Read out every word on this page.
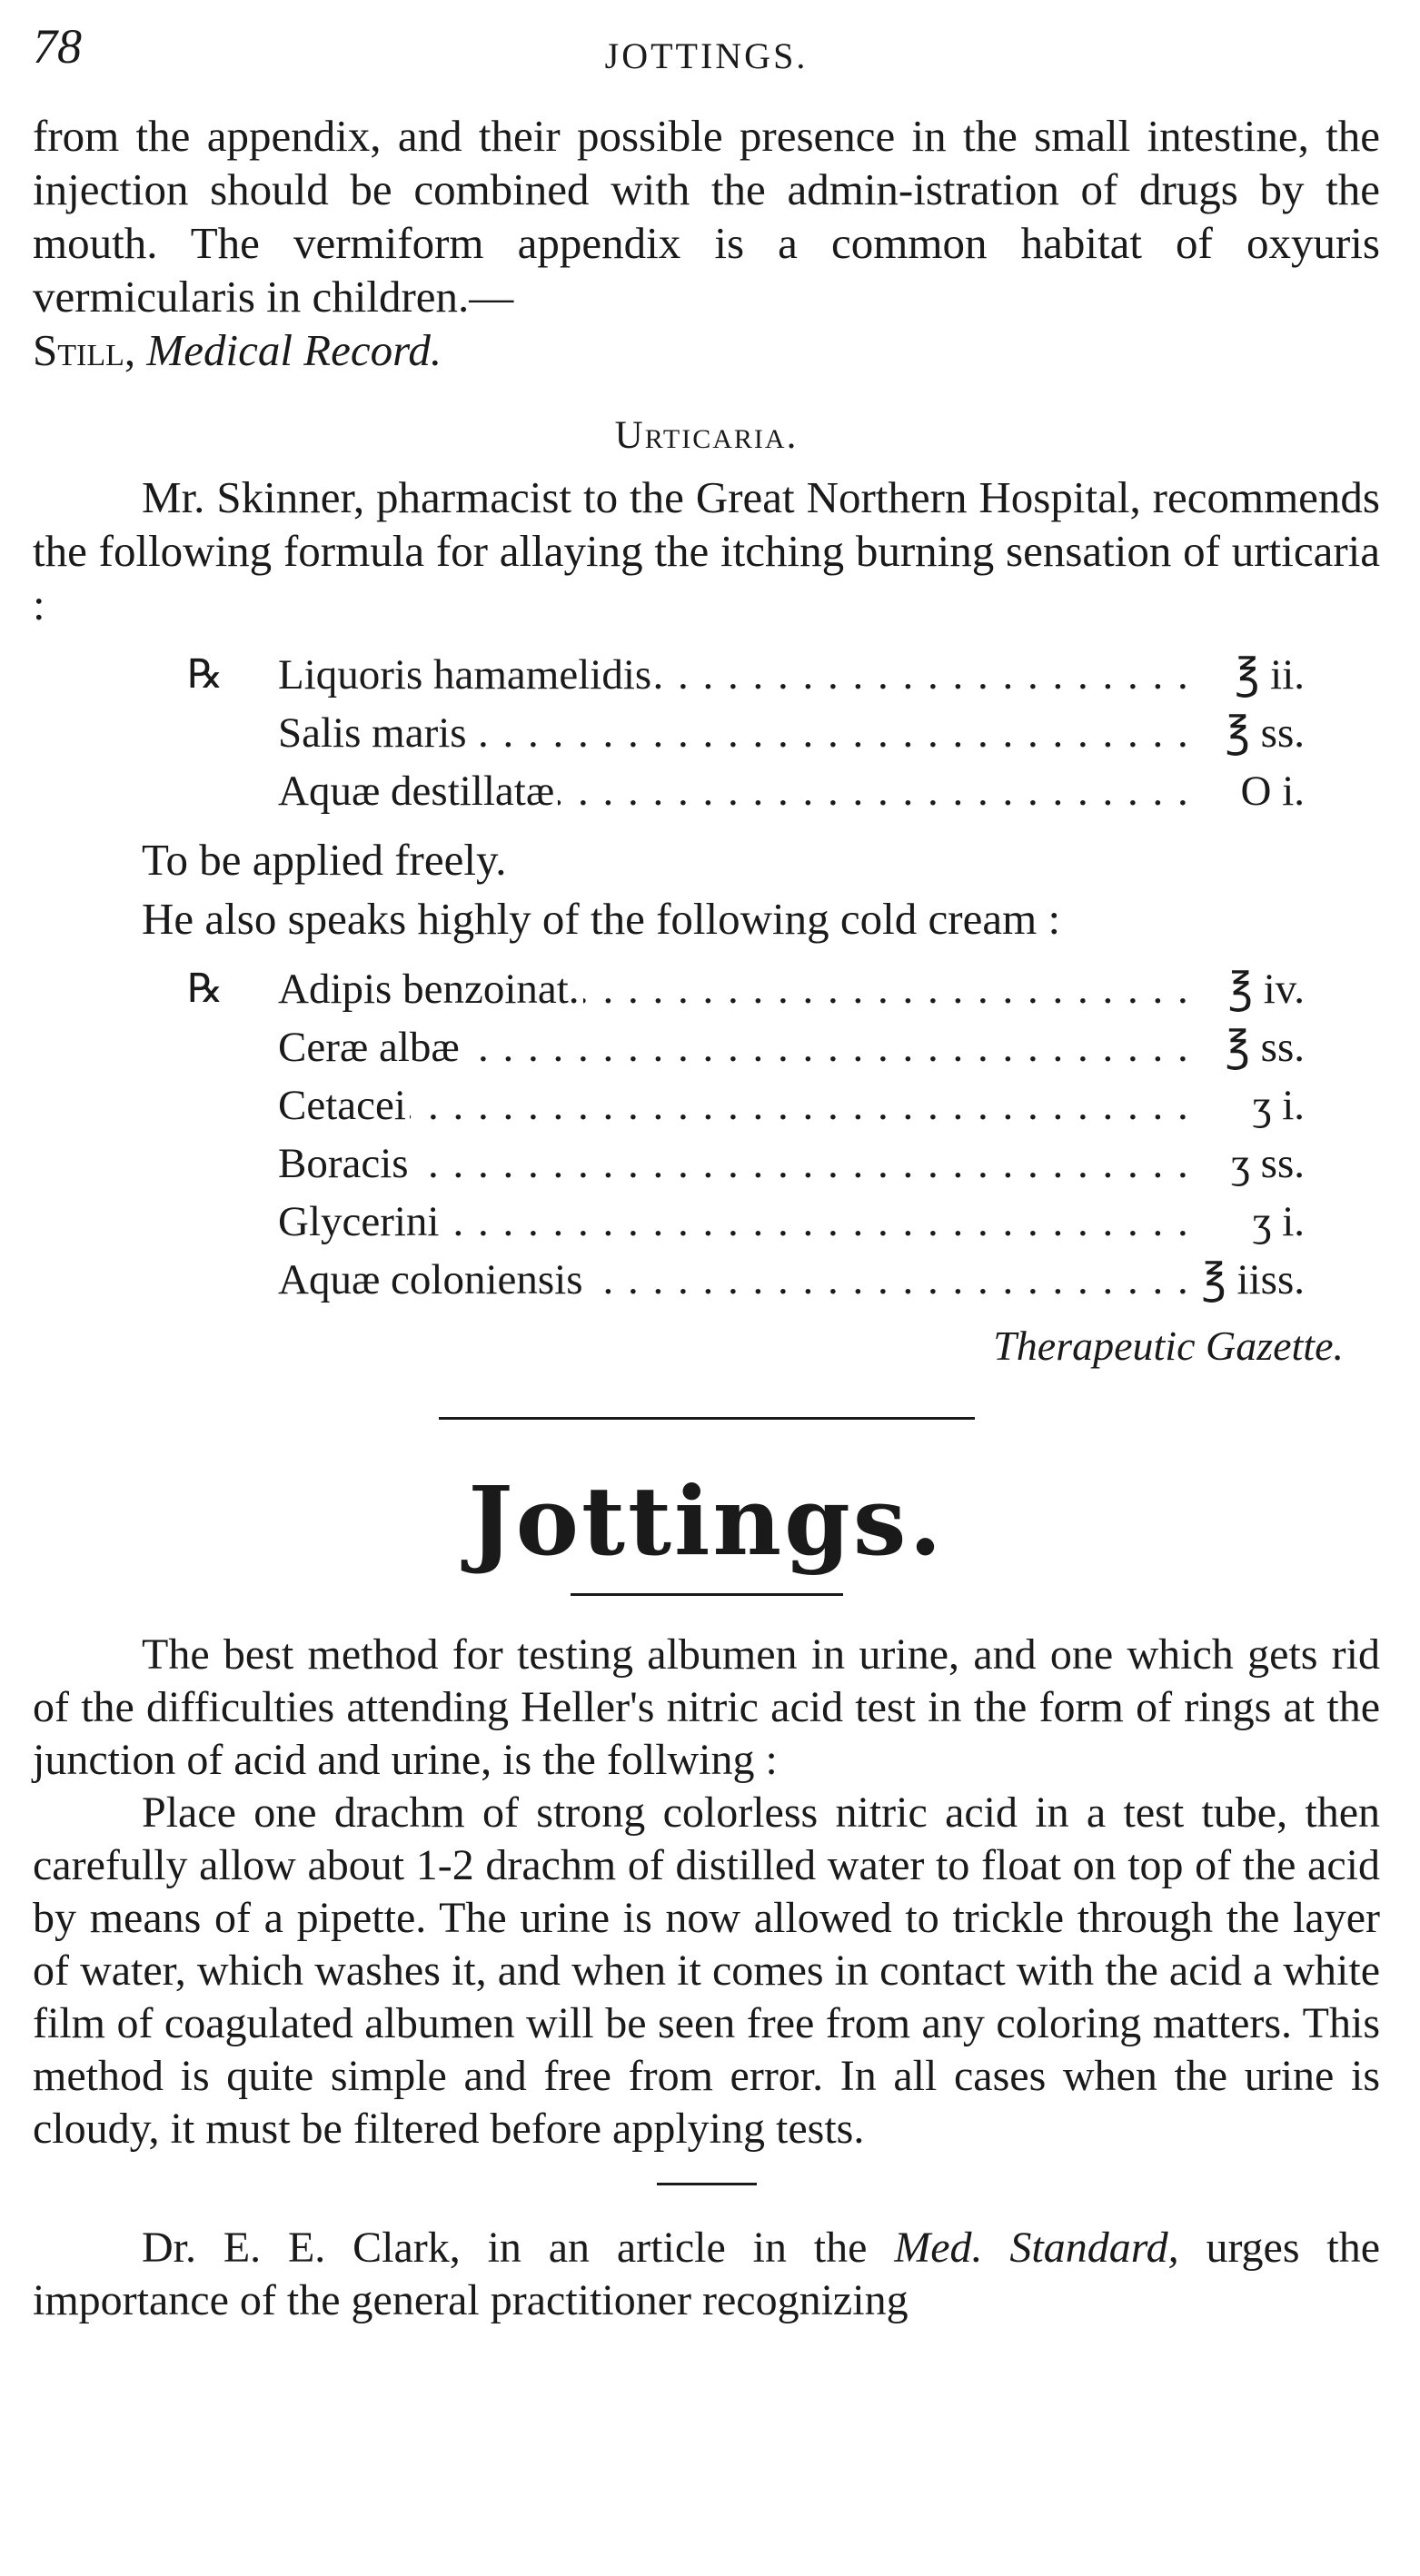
78	JOTTINGS.

from the appendix, and their possible presence in the small intestine, the injection should be combined with the admin-istration of drugs by the mouth. The vermiform appendix is a common habitat of oxyuris vermicularis in children.—
Still, Medical Record.

Urticaria.

Mr. Skinner, pharmacist to the Great Northern Hospital, recommends the following formula for allaying the itching burning sensation of urticaria :

℞	Liquoris hamamelidis . . .	℥ ii.
Salis maris . . .	℥ ss.
Aquæ destillatæ . . .	O i.

To be applied freely.

He also speaks highly of the following cold cream :

℞	Adipis benzoinat. . . .	℥ iv.
Ceræ albæ . . .	℥ ss.
Cetacei . . .	ʒ i.
Boracis . . .	ʒ ss.
Glycerini . . .	ʒ i.
Aquæ coloniensis . . .	℥ iiss.
Therapeutic Gazette.
Jottings.

The best method for testing albumen in urine, and one which gets rid of the difficulties attending Heller's nitric acid test in the form of rings at the junction of acid and urine, is the follwing :

Place one drachm of strong colorless nitric acid in a test tube, then carefully allow about 1-2 drachm of distilled water to float on top of the acid by means of a pipette. The urine is now allowed to trickle through the layer of water, which washes it, and when it comes in contact with the acid a white film of coagulated albumen will be seen free from any coloring matters. This method is quite simple and free from error. In all cases when the urine is cloudy, it must be filtered before applying tests.

Dr. E. E. Clark, in an article in the Med. Standard, urges the importance of the general practitioner recognizing
